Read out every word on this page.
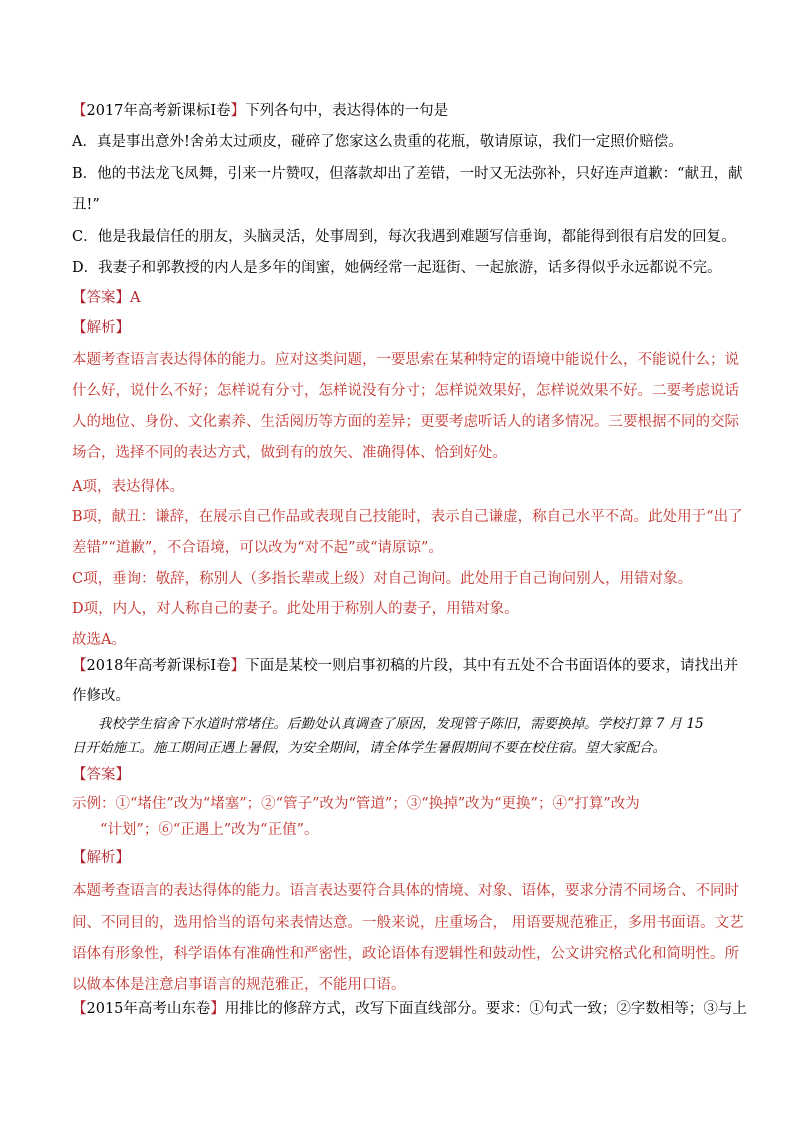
【2017年高考新课标Ⅰ卷】下列各句中，表达得体的一句是
A．真是事出意外!舍弟太过顽皮，碰碎了您家这么贵重的花瓶，敬请原谅，我们一定照价赔偿。
B．他的书法龙飞凤舞，引来一片赞叹，但落款却出了差错，一时又无法弥补，只好连声道歉：“献丑，献
丑!”
C．他是我最信任的朋友，头脑灵活，处事周到，每次我遇到难题写信垂询，都能得到很有启发的回复。
D．我妻子和郭教授的内人是多年的闺蜜，她俩经常一起逛街、一起旅游，话多得似乎永远都说不完。
【答案】A
【解析】
本题考查语言表达得体的能力。应对这类问题，一要思索在某种特定的语境中能说什么，不能说什么；说
什么好，说什么不好；怎样说有分寸，怎样说没有分寸；怎样说效果好，怎样说效果不好。二要考虑说话
人的地位、身份、文化素养、生活阅历等方面的差异；更要考虑听话人的诸多情况。三要根据不同的交际
场合，选择不同的表达方式，做到有的放矢、准确得体、恰到好处。
A项，表达得体。
B项，献丑：谦辞，在展示自己作品或表现自己技能时，表示自己谦虚，称自己水平不高。此处用于“出了
差错”“道歉”，不合语境，可以改为“对不起”或“请原谅”。
C项，垂询：敬辞，称别人（多指长辈或上级）对自己询问。此处用于自己询问别人，用错对象。
D项，内人，对人称自己的妻子。此处用于称别人的妻子，用错对象。
故选A。
【2018年高考新课标Ⅰ卷】下面是某校一则启事初稿的片段，其中有五处不合书面语体的要求，请找出并
作修改。
我校学生宿舍下水道时常堵住。后勤处认真调查了原因，发现管子陈旧，需要换掉。学校打算 7 月 15
日开始施工。施工期间正遇上暑假，为安全期间，请全体学生暑假期间不要在校住宿。望大家配合。
【答案】
示例：①“堵住”改为“堵塞”；②“管子”改为“管道”；③“换掉”改为“更换”；④“打算”改为
“计划”；⑥“正遇上”改为“正值”。
【解析】
本题考查语言的表达得体的能力。语言表达要符合具体的情境、对象、语体，要求分清不同场合、不同时
间、不同目的，选用恰当的语句来表情达意。一般来说，庄重场合， 用语要规范雅正，多用书面语。文艺
语体有形象性，科学语体有准确性和严密性，政论语体有逻辑性和鼓动性，公文讲究格式化和简明性。所
以做本体是注意启事语言的规范雅正，不能用口语。
【2015年高考山东卷】用排比的修辞方式，改写下面直线部分。要求：①句式一致；②字数相等；③与上
